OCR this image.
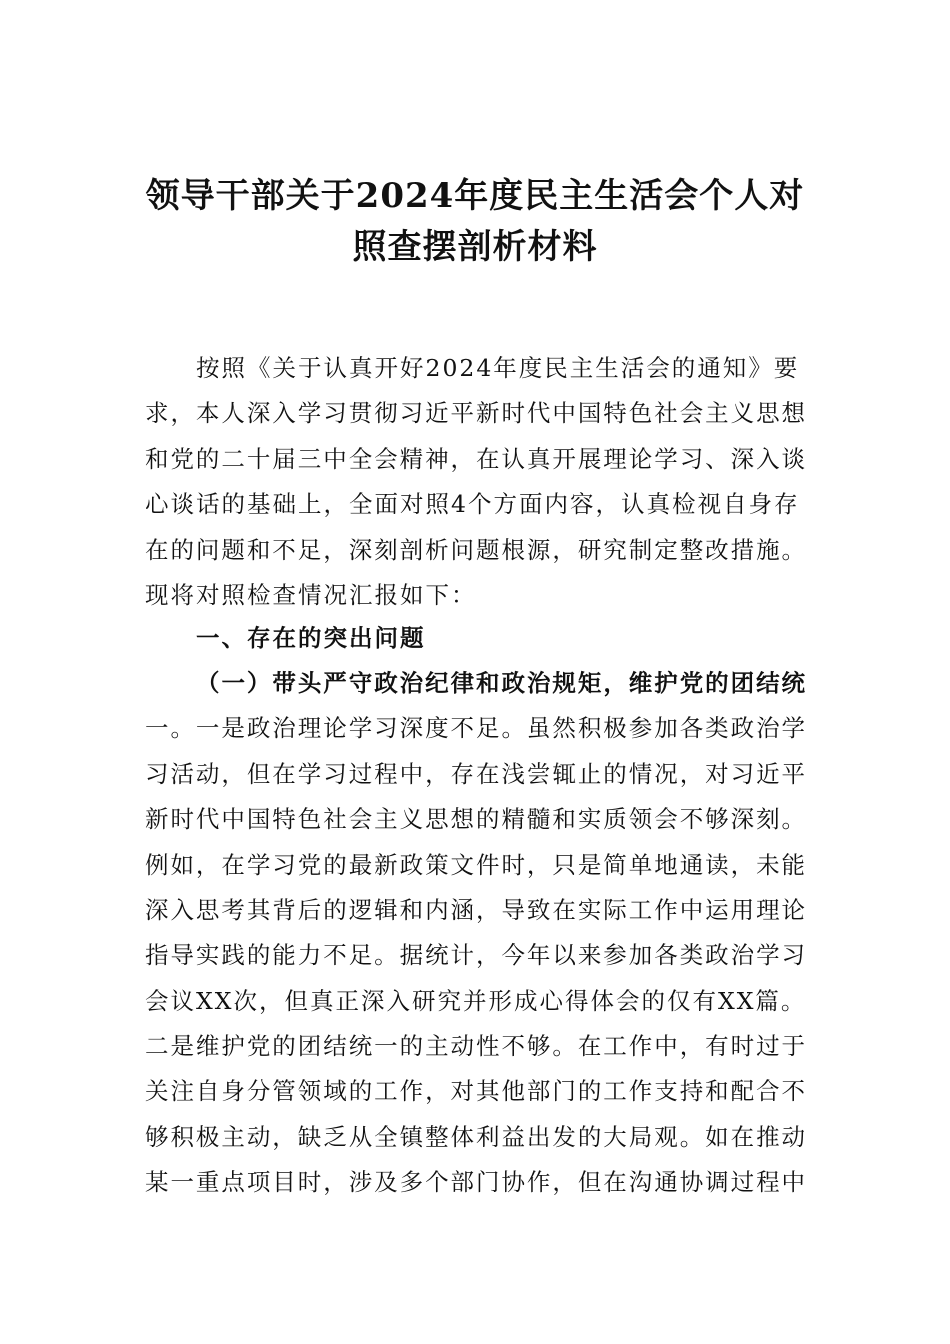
领导干部关于2024年度民主生活会个人对
照查摆剖析材料
按照《关于认真开好2024年度民主生活会的通知》要
求，本人深入学习贯彻习近平新时代中国特色社会主义思想
和党的二十届三中全会精神，在认真开展理论学习、深入谈
心谈话的基础上，全面对照4个方面内容，认真检视自身存
在的问题和不足，深刻剖析问题根源，研究制定整改措施。
现将对照检查情况汇报如下：
一、存在的突出问题
（一）带头严守政治纪律和政治规矩，维护党的团结统
一。一是政治理论学习深度不足。虽然积极参加各类政治学
习活动，但在学习过程中，存在浅尝辄止的情况，对习近平
新时代中国特色社会主义思想的精髓和实质领会不够深刻。
例如，在学习党的最新政策文件时，只是简单地通读，未能
深入思考其背后的逻辑和内涵，导致在实际工作中运用理论
指导实践的能力不足。据统计，今年以来参加各类政治学习
会议XX次，但真正深入研究并形成心得体会的仅有XX篇。
二是维护党的团结统一的主动性不够。在工作中，有时过于
关注自身分管领域的工作，对其他部门的工作支持和配合不
够积极主动，缺乏从全镇整体利益出发的大局观。如在推动
某一重点项目时，涉及多个部门协作，但在沟通协调过程中
